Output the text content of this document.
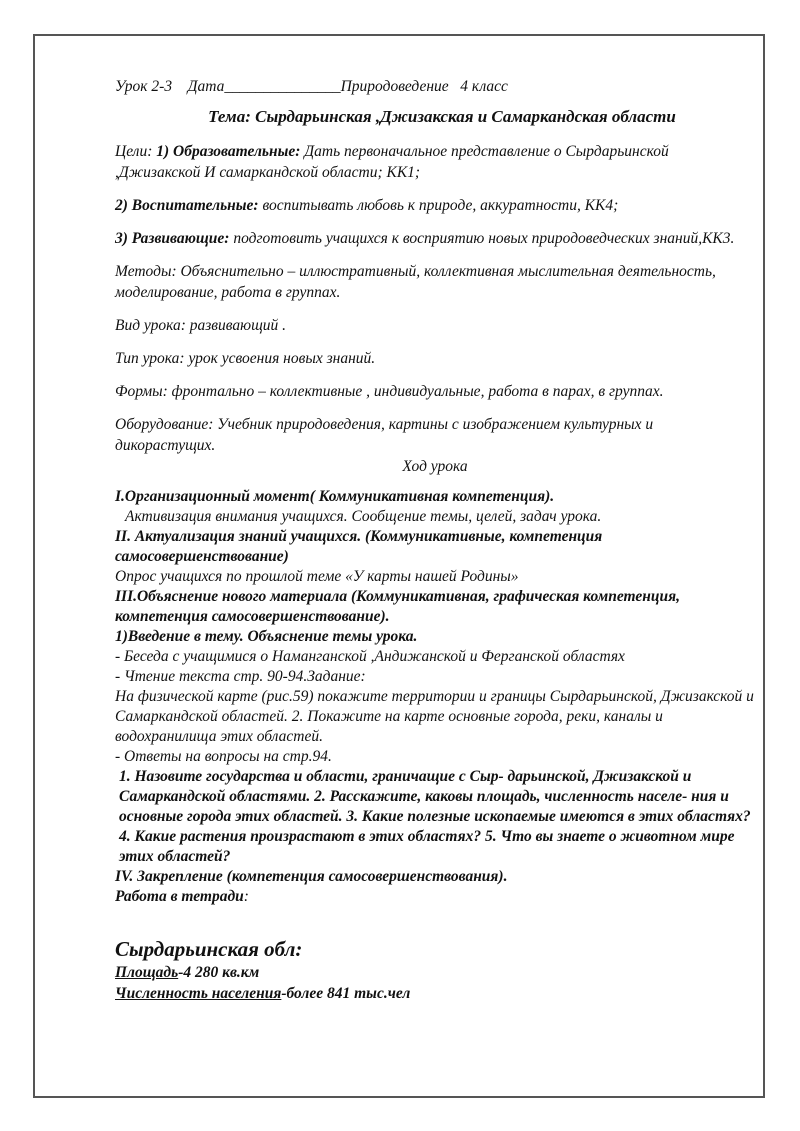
Урок 2-3 Дата_______________Природоведение 4 класс

Тема: Сырдарьинская ,Джизакская и Самаркандская области

Цели: 1) Образовательные: Дать первоначальное представление о Сырдарьинской ,Джизакской И самаркандской области; КК1;

2) Воспитательные: воспитывать любовь к природе, аккуратности, КК4;

3) Развивающие: подготовить учащихся к восприятию новых природоведческих знаний,КК3.

Методы: Объяснительно – иллюстративный, коллективная мыслительная деятельность, моделирование, работа в группах.

Вид урока: развивающий .

Тип урока: урок усвоения новых знаний.

Формы: фронтально – коллективные , индивидуальные, работа в парах, в группах.

Оборудование: Учебник природоведения, картины с изображением культурных и дикорастущих.

Ход урока

I.Организационный момент( Коммуникативная компетенция).

Активизация внимания учащихся. Сообщение темы, целей, задач урока.

II. Актуализация знаний учащихся. (Коммуникативные, компетенция самосовершенствование)

Опрос учащихся по прошлой теме «У карты нашей Родины»

III.Объяснение нового материала (Коммуникативная, графическая компетенция, компетенция самосовершенствование).

1)Введение в тему. Объяснение темы урока.

- Беседа с учащимися о Наманганской ,Андижанской и Ферганской областях

- Чтение текста стр. 90-94.Задание:

На физической карте (рис.59) покажите территории и границы Сырдарьинской, Джизакской и Самаркандской областей. 2. Покажите на карте основные города, реки, каналы и водохранилища этих областей.

- Ответы на вопросы на стр.94.

1. Назовите государства и области, граничащие с Сыр- дарьинской, Джизакской и Самаркандской областями. 2. Расскажите, каковы площадь, численность населе- ния и основные города этих областей. 3. Какие полезные ископаемые имеются в этих областях? 4. Какие растения произрастают в этих областях? 5. Что вы знаете о животном мире этих областей?

IV. Закрепление (компетенция самосовершенствования).

Работа в тетради:

Сырдарьинская обл:

Площадь-4 280 кв.км

Численность населения-более 841 тыс.чел
